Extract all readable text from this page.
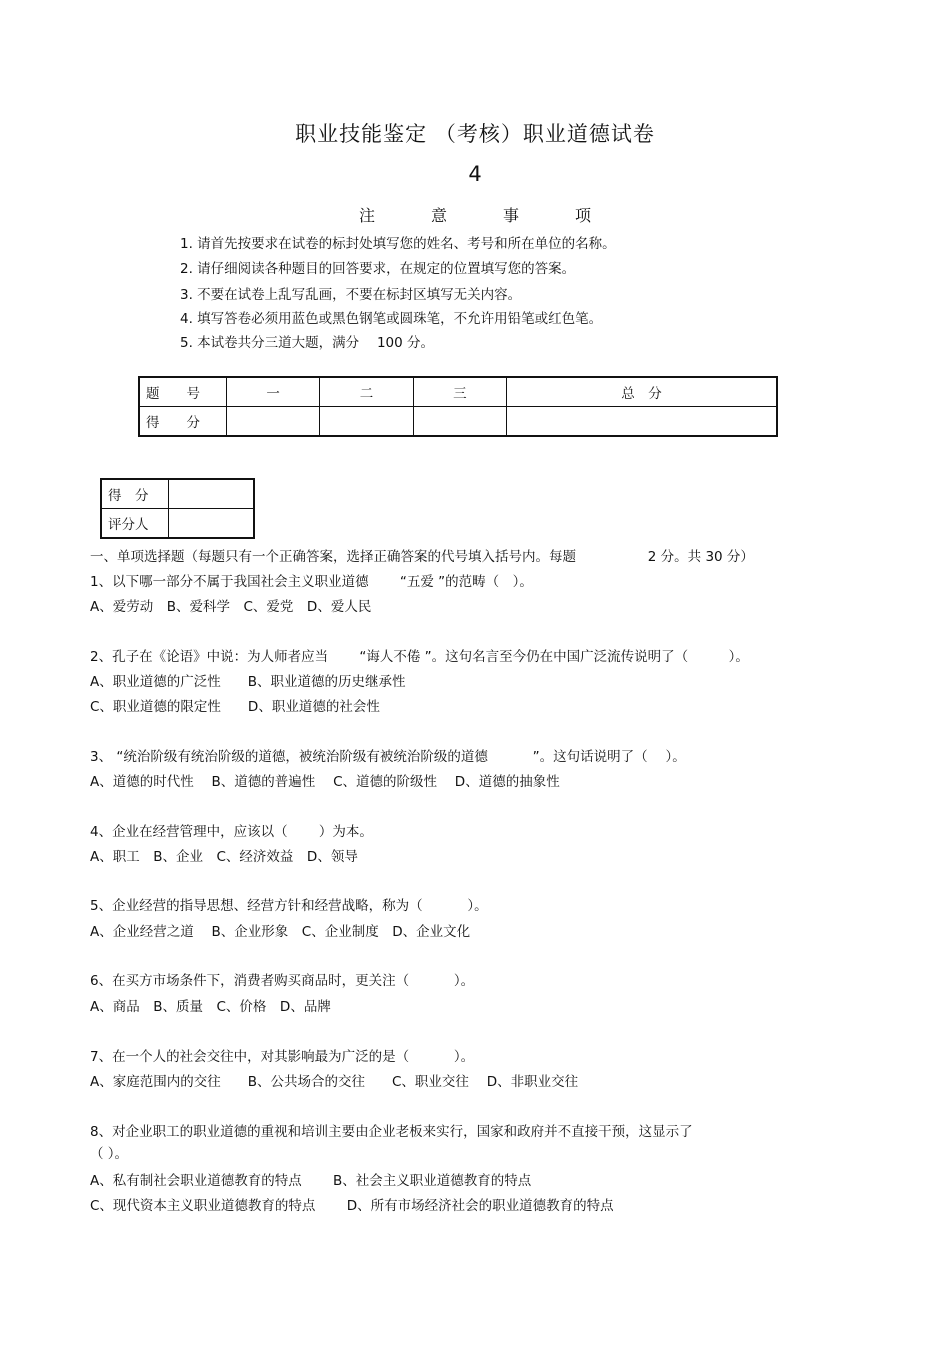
职业技能鉴定 （考核）职业道德试卷
4
注	意	事	项
1. 请首先按要求在试卷的标封处填写您的姓名、考号和所在单位的名称。
2. 请仔细阅读各种题目的回答要求，在规定的位置填写您的答案。
3. 不要在试卷上乱写乱画，不要在标封区填写无关内容。
4. 填写答卷必须用蓝色或黑色钢笔或圆珠笔，不允许用铅笔或红色笔。
5. 本试卷共分三道大题，满分　 100 分。
题　　号	一	二	三	总　分
得　　分				
得　分	
评分人	
一、单项选择题（每题只有一个正确答案，选择正确答案的代号填入括号内。每题　　　　　 2 分。共 30 分）
1、以下哪一部分不属于我国社会主义职业道德　　 “五爱 ”的范畴（　）。
A、爱劳动　B、爱科学　C、爱党　D、爱人民
2、孔子在《论语》中说：为人师者应当　　 “诲人不倦 ”。这句名言至今仍在中国广泛流传说明了（　　　）。
A、职业道德的广泛性　　B、职业道德的历史继承性
C、职业道德的限定性　　D、职业道德的社会性
3、 “统治阶级有统治阶级的道德，被统治阶级有被统治阶级的道德　　　 ”。这句话说明了（　 ）。
A、道德的时代性　 B、道德的普遍性　 C、道德的阶级性　 D、道德的抽象性
4、企业在经营管理中，应该以（　　 ）为本。
A、职工　B、企业　C、经济效益　D、领导
5、企业经营的指导思想、经营方针和经营战略，称为（　　　 ）。
A、企业经营之道　 B、企业形象　C、企业制度　D、企业文化
6、在买方市场条件下，消费者购买商品时，更关注（　　　 ）。
A、商品　B、质量　C、价格　D、品牌
7、在一个人的社会交往中，对其影响最为广泛的是（　　　 ）。
A、家庭范围内的交往　　B、公共场合的交往　　C、职业交往　 D、非职业交往
8、对企业职工的职业道德的重视和培训主要由企业老板来实行，国家和政府并不直接干预，这显示了
（ ）。
A、私有制社会职业道德教育的特点　　 B、社会主义职业道德教育的特点
C、现代资本主义职业道德教育的特点　　 D、所有市场经济社会的职业道德教育的特点
